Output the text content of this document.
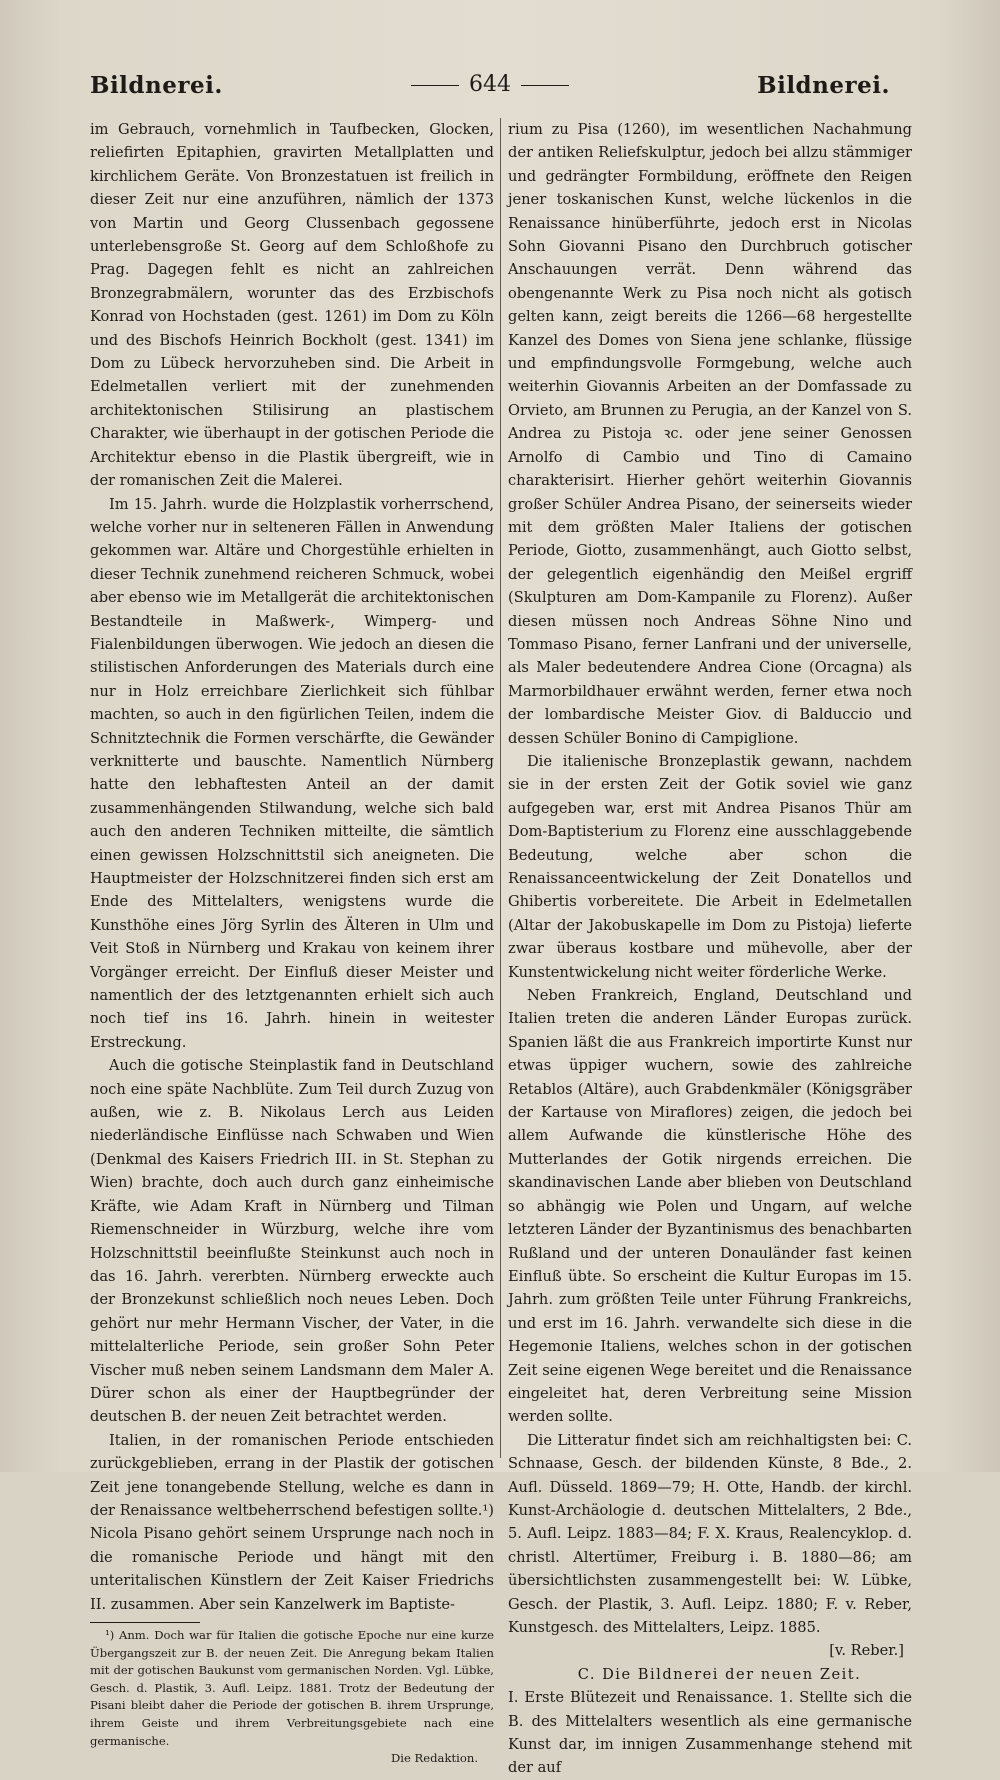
Bildnerei.	644	Bildnerei.

im Gebrauch, vornehmlich in Taufbecken, Glocken, reliefirten Epitaphien, gravirten Metallplatten und kirchlichem Geräte. Von Bronzestatuen ist freilich in dieser Zeit nur eine anzuführen, nämlich der 1373 von Martin und Georg Clussenbach gegossene unterlebensgroße St. Georg auf dem Schloßhofe zu Prag. Dagegen fehlt es nicht an zahlreichen Bronzegrabmälern, worunter das des Erzbischofs Konrad von Hochstaden (gest. 1261) im Dom zu Köln und des Bischofs Heinrich Bockholt (gest. 1341) im Dom zu Lübeck hervorzuheben sind. Die Arbeit in Edelmetallen verliert mit der zunehmenden architektonischen Stilisirung an plastischem Charakter, wie überhaupt in der gotischen Periode die Architektur ebenso in die Plastik übergreift, wie in der romanischen Zeit die Malerei.

Im 15. Jahrh. wurde die Holzplastik vorherrschend, welche vorher nur in selteneren Fällen in Anwendung gekommen war. Altäre und Chorgestühle erhielten in dieser Technik zunehmend reicheren Schmuck, wobei aber ebenso wie im Metallgerät die architektonischen Bestandteile in Maßwerk-, Wimperg- und Fialenbildungen überwogen. Wie jedoch an diesen die stilistischen Anforderungen des Materials durch eine nur in Holz erreichbare Zierlichkeit sich fühlbar machten, so auch in den figürlichen Teilen, indem die Schnitztechnik die Formen verschärfte, die Gewänder verknitterte und bauschte. Namentlich Nürnberg hatte den lebhaftesten Anteil an der damit zusammenhängenden Stilwandung, welche sich bald auch den anderen Techniken mitteilte, die sämtlich einen gewissen Holzschnittstil sich aneigneten. Die Hauptmeister der Holzschnitzerei finden sich erst am Ende des Mittelalters, wenigstens wurde die Kunsthöhe eines Jörg Syrlin des Älteren in Ulm und Veit Stoß in Nürnberg und Krakau von keinem ihrer Vorgänger erreicht. Der Einfluß dieser Meister und namentlich der des letztgenannten erhielt sich auch noch tief ins 16. Jahrh. hinein in weitester Erstreckung.

Auch die gotische Steinplastik fand in Deutschland noch eine späte Nachblüte. Zum Teil durch Zuzug von außen, wie z. B. Nikolaus Lerch aus Leiden niederländische Einflüsse nach Schwaben und Wien (Denkmal des Kaisers Friedrich III. in St. Stephan zu Wien) brachte, doch auch durch ganz einheimische Kräfte, wie Adam Kraft in Nürnberg und Tilman Riemenschneider in Würzburg, welche ihre vom Holzschnittstil beeinflußte Steinkunst auch noch in das 16. Jahrh. vererbten. Nürnberg erweckte auch der Bronzekunst schließlich noch neues Leben. Doch gehört nur mehr Hermann Vischer, der Vater, in die mittelalterliche Periode, sein großer Sohn Peter Vischer muß neben seinem Landsmann dem Maler A. Dürer schon als einer der Hauptbegründer der deutschen B. der neuen Zeit betrachtet werden.

Italien, in der romanischen Periode entschieden zurückgeblieben, errang in der Plastik der gotischen Zeit jene tonangebende Stellung, welche es dann in der Renaissance weltbeherrschend befestigen sollte.¹) Nicola Pisano gehört seinem Ursprunge nach noch in die romanische Periode und hängt mit den unteritalischen Künstlern der Zeit Kaiser Friedrichs II. zusammen. Aber sein Kanzelwerk im Baptiste-

¹) Anm. Doch war für Italien die gotische Epoche nur eine kurze Übergangszeit zur B. der neuen Zeit. Die Anregung bekam Italien mit der gotischen Baukunst vom germanischen Norden. Vgl. Lübke, Gesch. d. Plastik, 3. Aufl. Leipz. 1881. Trotz der Bedeutung der Pisani bleibt daher die Periode der gotischen B. ihrem Ursprunge, ihrem Geiste und ihrem Verbreitungsgebiete nach eine germanische.

Die Redaktion.

rium zu Pisa (1260), im wesentlichen Nachahmung der antiken Reliefskulptur, jedoch bei allzu stämmiger und gedrängter Formbildung, eröffnete den Reigen jener toskanischen Kunst, welche lückenlos in die Renaissance hinüberführte, jedoch erst in Nicolas Sohn Giovanni Pisano den Durchbruch gotischer Anschauungen verrät. Denn während das obengenannte Werk zu Pisa noch nicht als gotisch gelten kann, zeigt bereits die 1266—68 hergestellte Kanzel des Domes von Siena jene schlanke, flüssige und empfindungsvolle Formgebung, welche auch weiterhin Giovannis Arbeiten an der Domfassade zu Orvieto, am Brunnen zu Perugia, an der Kanzel von S. Andrea zu Pistoja ꝛc. oder jene seiner Genossen Arnolfo di Cambio und Tino di Camaino charakterisirt. Hierher gehört weiterhin Giovannis großer Schüler Andrea Pisano, der seinerseits wieder mit dem größten Maler Italiens der gotischen Periode, Giotto, zusammenhängt, auch Giotto selbst, der gelegentlich eigenhändig den Meißel ergriff (Skulpturen am Dom-Kampanile zu Florenz). Außer diesen müssen noch Andreas Söhne Nino und Tommaso Pisano, ferner Lanfrani und der universelle, als Maler bedeutendere Andrea Cione (Orcagna) als Marmorbildhauer erwähnt werden, ferner etwa noch der lombardische Meister Giov. di Balduccio und dessen Schüler Bonino di Campiglione.

Die italienische Bronzeplastik gewann, nachdem sie in der ersten Zeit der Gotik soviel wie ganz aufgegeben war, erst mit Andrea Pisanos Thür am Dom-Baptisterium zu Florenz eine ausschlaggebende Bedeutung, welche aber schon die Renaissanceentwickelung der Zeit Donatellos und Ghibertis vorbereitete. Die Arbeit in Edelmetallen (Altar der Jakobuskapelle im Dom zu Pistoja) lieferte zwar überaus kostbare und mühevolle, aber der Kunstentwickelung nicht weiter förderliche Werke.

Neben Frankreich, England, Deutschland und Italien treten die anderen Länder Europas zurück. Spanien läßt die aus Frankreich importirte Kunst nur etwas üppiger wuchern, sowie des zahlreiche Retablos (Altäre), auch Grabdenkmäler (Königsgräber der Kartause von Miraflores) zeigen, die jedoch bei allem Aufwande die künstlerische Höhe des Mutterlandes der Gotik nirgends erreichen. Die skandinavischen Lande aber blieben von Deutschland so abhängig wie Polen und Ungarn, auf welche letzteren Länder der Byzantinismus des benachbarten Rußland und der unteren Donauländer fast keinen Einfluß übte. So erscheint die Kultur Europas im 15. Jahrh. zum größten Teile unter Führung Frankreichs, und erst im 16. Jahrh. verwandelte sich diese in die Hegemonie Italiens, welches schon in der gotischen Zeit seine eigenen Wege bereitet und die Renaissance eingeleitet hat, deren Verbreitung seine Mission werden sollte.

Die Litteratur findet sich am reichhaltigsten bei: C. Schnaase, Gesch. der bildenden Künste, 8 Bde., 2. Aufl. Düsseld. 1869—79; H. Otte, Handb. der kirchl. Kunst-Archäologie d. deutschen Mittelalters, 2 Bde., 5. Aufl. Leipz. 1883—84; F. X. Kraus, Realencyklop. d. christl. Altertümer, Freiburg i. B. 1880—86; am übersichtlichsten zusammengestellt bei: W. Lübke, Gesch. der Plastik, 3. Aufl. Leipz. 1880; F. v. Reber, Kunstgesch. des Mittelalters, Leipz. 1885.

[v. Reber.]

C. Die Bildnerei der neuen Zeit.

I. Erste Blütezeit und Renaissance. 1. Stellte sich die B. des Mittelalters wesentlich als eine germanische Kunst dar, im innigen Zusammenhange stehend mit der auf
